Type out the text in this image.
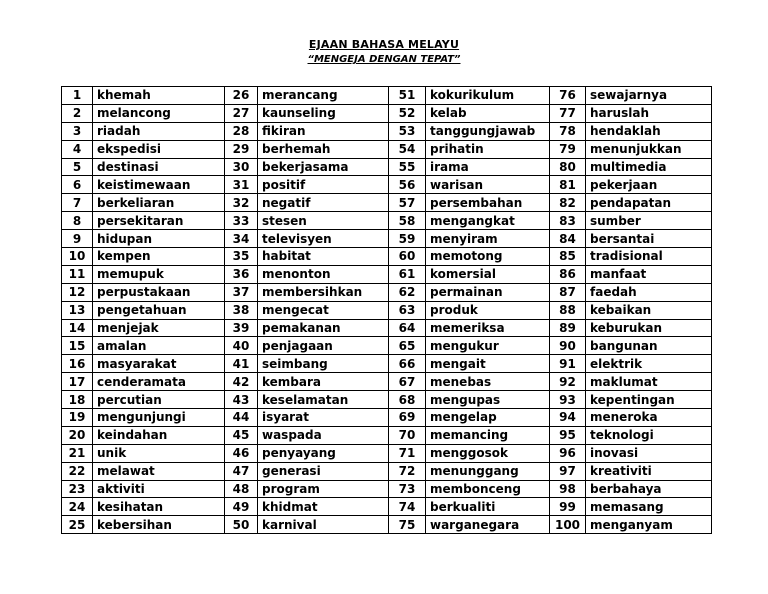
EJAAN BAHASA MELAYU
“MENGEJA DENGAN TEPAT”
1	khemah	26	merancang	51	kokurikulum	76	sewajarnya
2	melancong	27	kaunseling	52	kelab	77	haruslah
3	riadah	28	fikiran	53	tanggungjawab	78	hendaklah
4	ekspedisi	29	berhemah	54	prihatin	79	menunjukkan
5	destinasi	30	bekerjasama	55	irama	80	multimedia
6	keistimewaan	31	positif	56	warisan	81	pekerjaan
7	berkeliaran	32	negatif	57	persembahan	82	pendapatan
8	persekitaran	33	stesen	58	mengangkat	83	sumber
9	hidupan	34	televisyen	59	menyiram	84	bersantai
10	kempen	35	habitat	60	memotong	85	tradisional
11	memupuk	36	menonton	61	komersial	86	manfaat
12	perpustakaan	37	membersihkan	62	permainan	87	faedah
13	pengetahuan	38	mengecat	63	produk	88	kebaikan
14	menjejak	39	pemakanan	64	memeriksa	89	keburukan
15	amalan	40	penjagaan	65	mengukur	90	bangunan
16	masyarakat	41	seimbang	66	mengait	91	elektrik
17	cenderamata	42	kembara	67	menebas	92	maklumat
18	percutian	43	keselamatan	68	mengupas	93	kepentingan
19	mengunjungi	44	isyarat	69	mengelap	94	meneroka
20	keindahan	45	waspada	70	memancing	95	teknologi
21	unik	46	penyayang	71	menggosok	96	inovasi
22	melawat	47	generasi	72	menunggang	97	kreativiti
23	aktiviti	48	program	73	membonceng	98	berbahaya
24	kesihatan	49	khidmat	74	berkualiti	99	memasang
25	kebersihan	50	karnival	75	warganegara	100	menganyam
